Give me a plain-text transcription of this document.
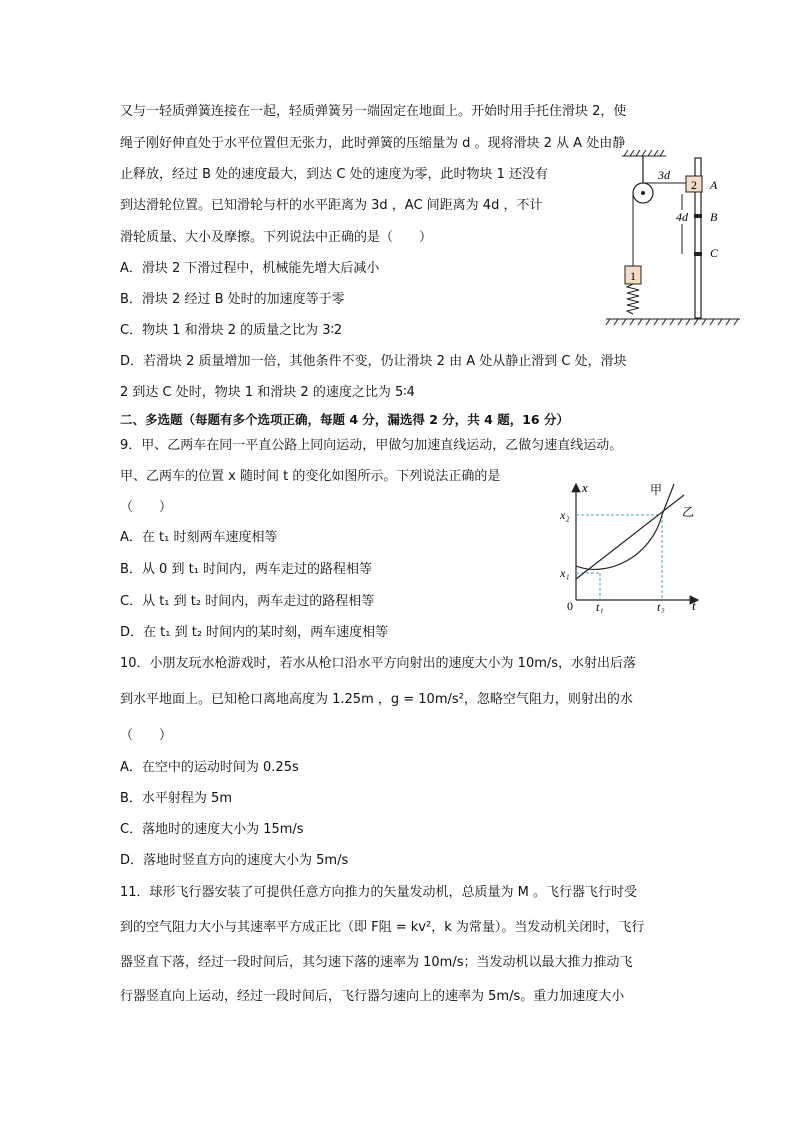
又与一轻质弹簧连接在一起，轻质弹簧另一端固定在地面上。开始时用手托住滑块 2，使
绳子刚好伸直处于水平位置但无张力，此时弹簧的压缩量为 d 。现将滑块 2 从 A 处由静
止释放，经过 B 处的速度最大，到达 C 处的速度为零，此时物块 1 还没有
到达滑轮位置。已知滑轮与杆的水平距离为 3d ，AC 间距离为 4d ，不计
滑轮质量、大小及摩擦。下列说法中正确的是（　　）
A．滑块 2 下滑过程中，机械能先增大后减小
B．滑块 2 经过 B 处时的加速度等于零
C．物块 1 和滑块 2 的质量之比为 3∶2
D．若滑块 2 质量增加一倍，其他条件不变，仍让滑块 2 由 A 处从静止滑到 C 处，滑块
2 到达 C 处时，物块 1 和滑块 2 的速度之比为 5∶4
3d
2 A
B
C
4d
1
二、多选题（每题有多个选项正确，每题 4 分，漏选得 2 分，共 4 题，16 分）
9．甲、乙两车在同一平直公路上同向运动，甲做匀加速直线运动，乙做匀速直线运动。
甲、乙两车的位置 x 随时间 t 的变化如图所示。下列说法正确的是
（　　）
A．在 t₁ 时刻两车速度相等
B．从 0 到 t₁ 时间内，两车走过的路程相等
C．从 t₁ 到 t₂ 时间内，两车走过的路程相等
D．在 t₁ 到 t₂ 时间内的某时刻，两车速度相等
x
t
0
甲
乙
x₁
x₂
t₁	t₂
10．小朋友玩水枪游戏时，若水从枪口沿水平方向射出的速度大小为 10m/s，水射出后落
到水平地面上。已知枪口离地高度为 1.25m ，g = 10m/s²，忽略空气阻力，则射出的水
（　　）
A．在空中的运动时间为 0.25s
B．水平射程为 5m
C．落地时的速度大小为 15m/s
D．落地时竖直方向的速度大小为 5m/s
11．球形飞行器安装了可提供任意方向推力的矢量发动机，总质量为 M 。飞行器飞行时受
到的空气阻力大小与其速率平方成正比（即 F阻 = kv²，k 为常量）。当发动机关闭时，飞行
器竖直下落，经过一段时间后，其匀速下落的速率为 10m/s；当发动机以最大推力推动飞
行器竖直向上运动，经过一段时间后，飞行器匀速向上的速率为 5m/s。重力加速度大小
